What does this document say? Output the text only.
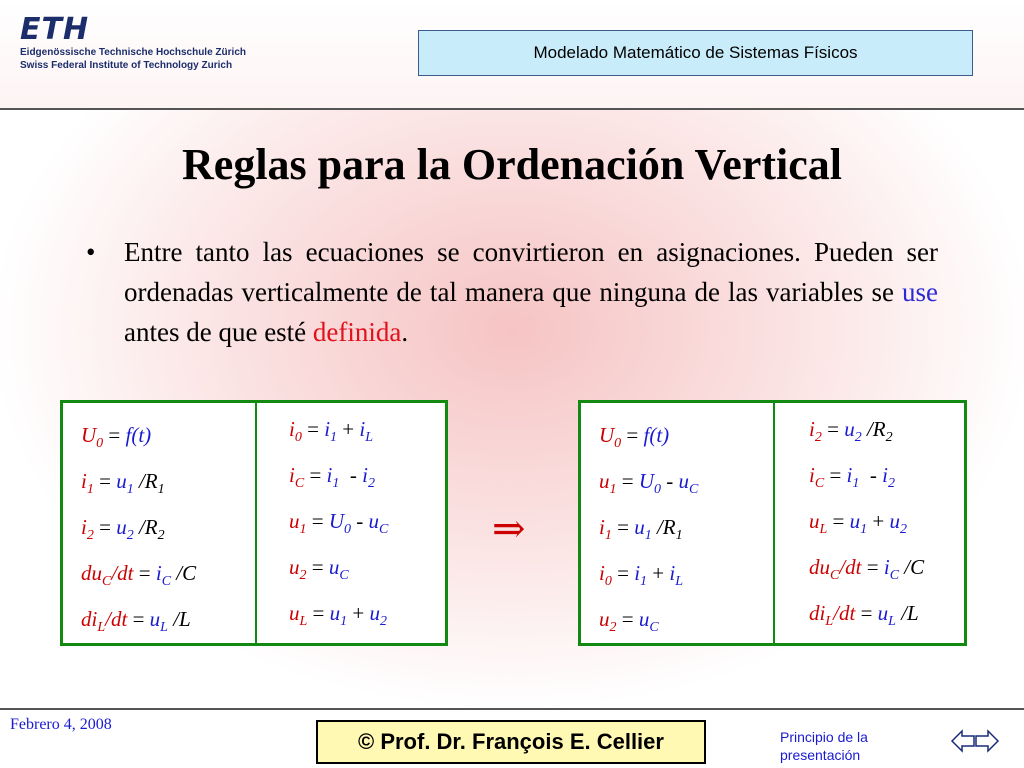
ETH
Eidgenössische Technische Hochschule Zürich
Swiss Federal Institute of Technology Zurich
Modelado Matemático de Sistemas Físicos
Reglas para la Ordenación Vertical
• Entre tanto las ecuaciones se convirtieron en asignaciones. Pueden ser ordenadas verticalmente de tal manera que ninguna de las variables se use antes de que esté definida.
$U_0 = f(t)$
$i_1 = u_1$ $/R_1$
$i_2 = u_2$ $/R_2$
$du_C/dt = i_C$ /C
$di_L/dt = u_L$ /L
$i_0 = i_1 + i_L$
$i_C = i_1 - i_2$
$u_1 = U_0 - u_C$
$u_2 = u_C$
$u_L = u_1 + u_2$
⇒
$U_0 = f(t)$
$u_1 = U_0 - u_C$
$i_1 = u_1$ $/R_1$
$i_0 = i_1 + i_L$
$u_2 = u_C$
$i_2 = u_2$ $/R_2$
$i_C = i_1 - i_2$
$u_L = u_1 + u_2$
$du_C/dt = i_C$ /C
$di_L/dt = u_L$ /L
Febrero 4, 2008
© Prof. Dr. François E. Cellier	Principio de la presentación
